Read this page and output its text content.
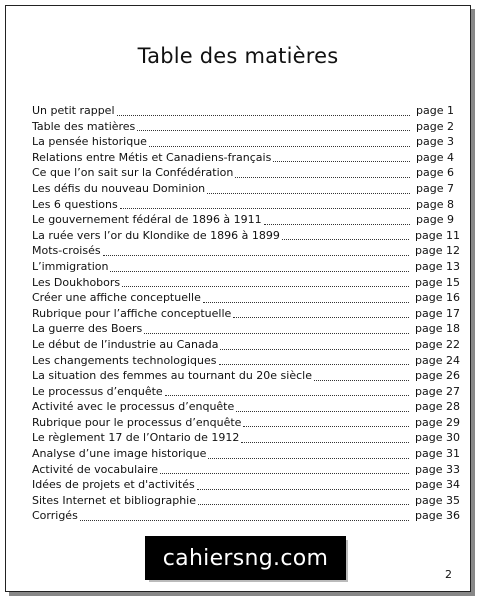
Table des matières
Un petit rappel	page 1
Table des matières	page 2
La pensée historique	page 3
Relations entre Métis et Canadiens-français	page 4
Ce que l’on sait sur la Confédération	page 6
Les défis du nouveau Dominion	page 7
Les 6 questions	page 8
Le gouvernement fédéral de 1896 à 1911	page 9
La ruée vers l’or du Klondike de 1896 à 1899	page 11
Mots-croisés	page 12
L’immigration	page 13
Les Doukhobors	page 15
Créer une affiche conceptuelle	page 16
Rubrique pour l’affiche conceptuelle	page 17
La guerre des Boers	page 18
Le début de l’industrie au Canada	page 22
Les changements technologiques	page 24
La situation des femmes au tournant du 20e siècle	page 26
Le processus d’enquête	page 27
Activité avec le processus d’enquête	page 28
Rubrique pour le processus d’enquête	page 29
Le règlement 17 de l’Ontario de 1912	page 30
Analyse d’une image historique	page 31
Activité de vocabulaire	page 33
Idées de projets et d'activités	page 34
Sites Internet et bibliographie	page 35
Corrigés	page 36
cahiersng.com
2
